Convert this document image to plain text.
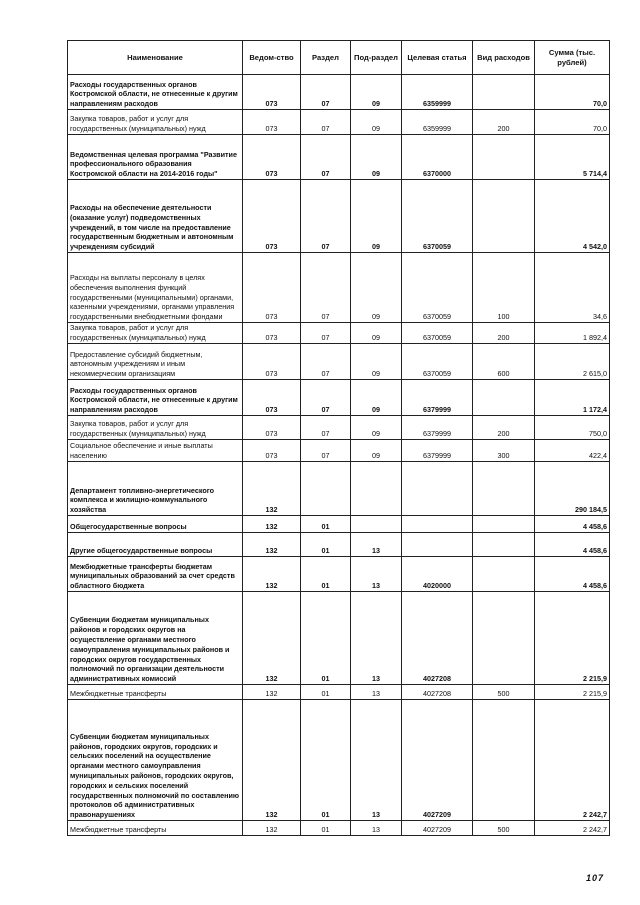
Наименование	Ведом-ство	Раздел	Под-раздел	Целевая статья	Вид расходов	Сумма (тыс. рублей)
Расходы государственных органов Костромской области, не отнесенные к другим направлениям расходов	073	07	09	6359999		70,0
Закупка товаров, работ и услуг для государственных (муниципальных) нужд	073	07	09	6359999	200	70,0
Ведомственная целевая программа "Развитие профессионального образования Костромской области на 2014-2016 годы"	073	07	09	6370000		5 714,4
Расходы на обеспечение деятельности (оказание услуг) подведомственных учреждений, в том числе на предоставление государственным бюджетным и автономным учреждениям субсидий	073	07	09	6370059		4 542,0
Расходы на выплаты персоналу в целях обеспечения выполнения функций государственными (муниципальными) органами, казенными учреждениями, органами управления государственными внебюджетными фондами	073	07	09	6370059	100	34,6
Закупка товаров, работ и услуг для государственных (муниципальных) нужд	073	07	09	6370059	200	1 892,4
Предоставление субсидий бюджетным, автономным учреждениям и иным некоммерческим организациям	073	07	09	6370059	600	2 615,0
Расходы государственных органов Костромской области, не отнесенные к другим направлениям расходов	073	07	09	6379999		1 172,4
Закупка товаров, работ и услуг для государственных (муниципальных) нужд	073	07	09	6379999	200	750,0
Социальное обеспечение и иные выплаты населению	073	07	09	6379999	300	422,4
Департамент топливно-энергетического комплекса и жилищно-коммунального хозяйства	132					290 184,5
Общегосударственные вопросы	132	01				4 458,6
Другие общегосударственные вопросы	132	01	13			4 458,6
Межбюджетные трансферты бюджетам муниципальных образований за счет средств областного бюджета	132	01	13	4020000		4 458,6
Субвенции бюджетам муниципальных районов и городских округов на осуществление органами местного самоуправления муниципальных районов и городских округов государственных полномочий по организации деятельности административных комиссий	132	01	13	4027208		2 215,9
Межбюджетные трансферты	132	01	13	4027208	500	2 215,9
Субвенции бюджетам муниципальных районов, городских округов, городских и сельских поселений на осуществление органами местного самоуправления муниципальных районов, городских округов, городских и сельских поселений государственных полномочий по составлению протоколов об административных правонарушениях	132	01	13	4027209		2 242,7
Межбюджетные трансферты	132	01	13	4027209	500	2 242,7
107
